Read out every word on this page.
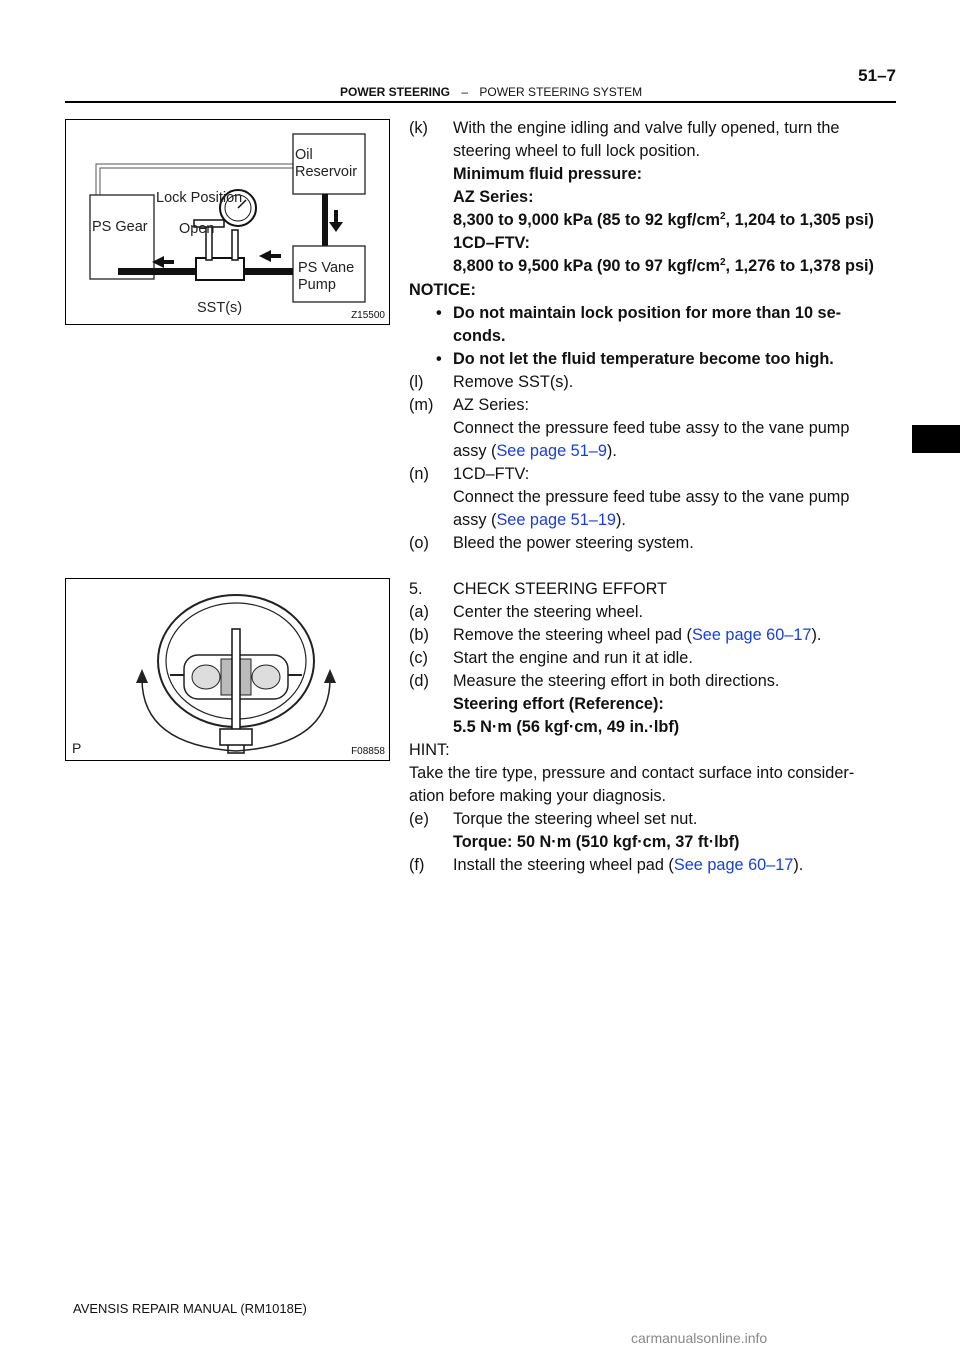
51–7
POWER STEERING – POWER STEERING SYSTEM
Oil
Reservoir
Lock Position
PS Gear Open
PS Vane
Pump
SST(s)	Z15500
P	F08858
(k) With the engine idling and valve fully opened, turn the
steering wheel to full lock position.
Minimum fluid pressure:
AZ Series:
8,300 to 9,000 kPa (85 to 92 kgf/$cm^2$, 1,204 to 1,305 psi)
1CD–FTV:
8,800 to 9,500 kPa (90 to 97 kgf/$cm^2$, 1,276 to 1,378 psi)
NOTICE:
• Do not maintain lock position for more than 10 se-
conds.
• Do not let the fluid temperature become too high.
(l) Remove SST(s).
(m) AZ Series:
Connect the pressure feed tube assy to the vane pump
assy (See page 51–9).
(n) 1CD–FTV:
Connect the pressure feed tube assy to the vane pump
assy (See page 51–19).
(o) Bleed the power steering system.
5. CHECK STEERING EFFORT
(a) Center the steering wheel.
(b) Remove the steering wheel pad (See page 60–17).
(c) Start the engine and run it at idle.
(d) Measure the steering effort in both directions.
Steering effort (Reference):
5.5 N·m (56 kgf·cm, 49 in.·lbf)
HINT:
Take the tire type, pressure and contact surface into consider-
ation before making your diagnosis.
(e) Torque the steering wheel set nut.
Torque: 50 N·m (510 kgf·cm, 37 ft·lbf)
(f) Install the steering wheel pad (See page 60–17).
AVENSIS REPAIR MANUAL (RM1018E)
carmanualsonline.info
